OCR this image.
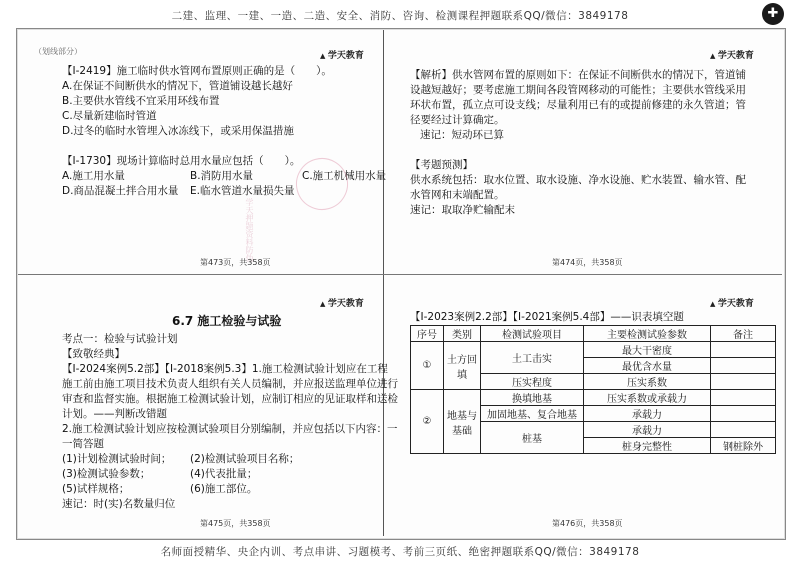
二建、监理、一建、一造、二造、安全、消防、咨询、检测课程押题联系QQ/微信：3849178	✚
（划线部分）	▲ 学天教育

【Ⅰ-2419】施工临时供水管网布置原则正确的是（　　）。

A.在保证不间断供水的情况下，管道铺设越长越好

B.主要供水管线不宜采用环线布置

C.尽量新建临时管道

D.过冬的临时水管埋入冰冻线下，或采用保温措施

【Ⅰ-1730】现场计算临时总用水量应包括（　　）。

A.施工用水量	B.消防用水量	C.施工机械用水量

D.商品混凝土拌合用水量 E.临水管道水量损失量

学天押题资料防伪
第473页，共358页
▲ 学天教育

【解析】供水管网布置的原则如下：在保证不间断供水的情况下，管道铺

设越短越好；要考虑施工期间各段管网移动的可能性；主要供水管线采用

环状布置，孤立点可设支线；尽量利用已有的或提前修建的永久管道；管

径要经过计算确定。

速记：短动环已算

【考题预测】

供水系统包括：取水位置、取水设施、净水设施、贮水装置、输水管、配

水管网和末端配置。

速记：取取净贮输配末

第474页，共358页
▲ 学天教育
6.7 施工检验与试验

考点一：检验与试验计划

【致敬经典】

【Ⅰ-2024案例5.2部】【Ⅰ-2018案例5.3】1.施工检测试验计划应在工程

施工前由施工项目技术负责人组织有关人员编制，并应报送监理单位进行

审查和监督实施。根据施工检测试验计划，应制订相应的见证取样和送检

计划。——判断改错题

2.施工检测试验计划应按检测试验项目分别编制，并应包括以下内容：一

一简答题

(1)计划检测试验时间； (2)检测试验项目名称；

(3)检测试验参数；	(4)代表批量；

(5)试样规格；	(6)施工部位。

速记：时(实)名数量归位

第475页，共358页
▲ 学天教育
【Ⅰ-2023案例2.2部】【Ⅰ-2021案例5.4部】——识表填空题
序号	类别	检测试验项目	主要检测试验参数	备注
①	土方回填	土工击实	最大干密度	
			最优含水量	
		压实程度	压实系数	
②	地基与基础	换填地基	压实系数或承载力	
		加固地基、复合地基	承载力	
		桩基	承载力	
			桩身完整性	钢桩除外
第476页，共358页
名师面授精华、央企内训、考点串讲、习题模考、考前三页纸、绝密押题联系QQ/微信：3849178
